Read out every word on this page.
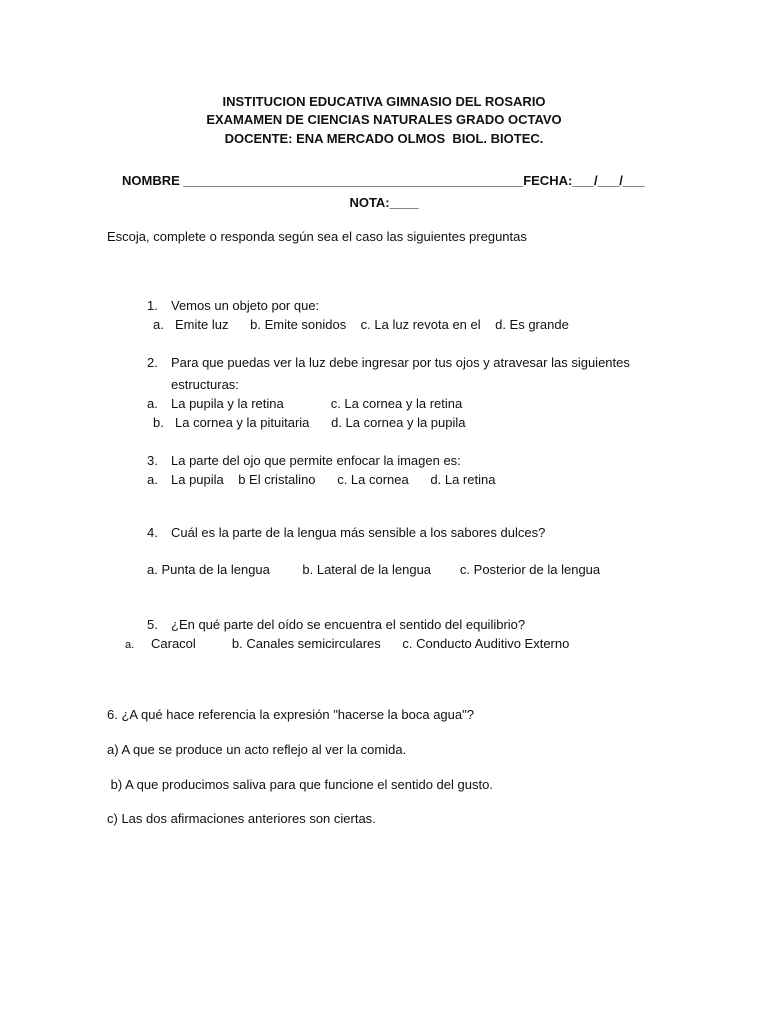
INSTITUCION EDUCATIVA GIMNASIO DEL ROSARIO
EXAMAMEN DE CIENCIAS NATURALES GRADO OCTAVO
DOCENTE: ENA MERCADO OLMOS  BIOL. BIOTEC.
NOMBRE _______________________________________________FECHA:___/___/___
NOTA:____
Escoja, complete o responda según sea el caso las siguientes preguntas
1. Vemos un objeto por que:
a. Emite luz      b. Emite sonidos    c. La luz revota en el    d. Es grande
2. Para que puedas ver la luz debe ingresar por tus ojos y atravesar las siguientes
estructuras:
a. La pupila y la retina             c. La cornea y la retina
b. La cornea y la pituitaria      d. La cornea y la pupila
3. La parte del ojo que permite enfocar la imagen es:
a. La pupila    b El cristalino      c. La cornea      d. La retina
4. Cuál es la parte de la lengua más sensible a los sabores dulces?
a. Punta de la lengua         b. Lateral de la lengua        c. Posterior de la lengua
5. ¿En qué parte del oído se encuentra el sentido del equilibrio?
a. Caracol          b. Canales semicirculares      c. Conducto Auditivo Externo
6. ¿A qué hace referencia la expresión "hacerse la boca agua"?
a) A que se produce un acto reflejo al ver la comida.
b) A que producimos saliva para que funcione el sentido del gusto.
c) Las dos afirmaciones anteriores son ciertas.
